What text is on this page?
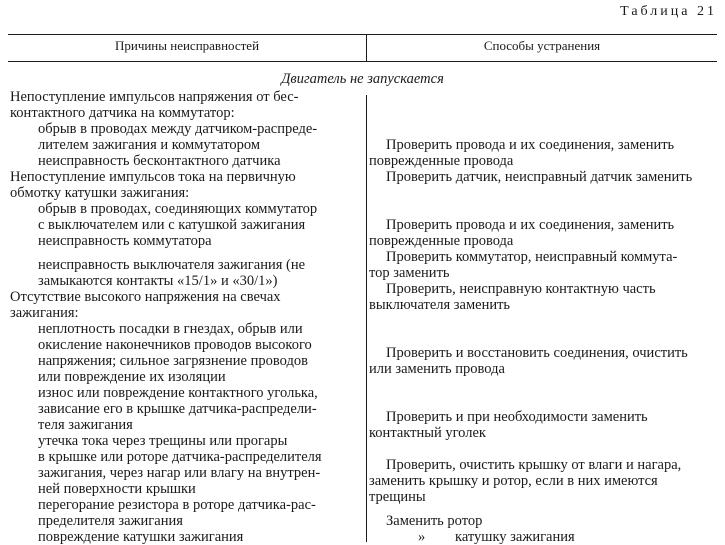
Таблица 21
Причины неисправностей	Способы устранения
Двигатель не запускается
Непоступление импульсов напряжения от бес-
контактного датчика на коммутатор:
обрыв в проводах между датчиком-распреде-
лителем зажигания и коммутатором
неисправность бесконтактного датчика
Непоступление импульсов тока на первичную
обмотку катушки зажигания:
обрыв в проводах, соединяющих коммутатор
с выключателем или с катушкой зажигания
неисправность коммутатора
неисправность выключателя зажигания (не
замыкаются контакты «15/1» и «30/1»)
Отсутствие высокого напряжения на свечах
зажигания:
неплотность посадки в гнездах, обрыв или
окисление наконечников проводов высокого
напряжения; сильное загрязнение проводов
или повреждение их изоляции
износ или повреждение контактного уголька,
зависание его в крышке датчика-распредели-
теля зажигания
утечка тока через трещины или прогары
в крышке или роторе датчика-распределителя
зажигания, через нагар или влагу на внутрен-
ней поверхности крышки
перегорание резистора в роторе датчика-рас-
пределителя зажигания
повреждение катушки зажигания
Проверить провода и их соединения, заменить
поврежденные провода
Проверить датчик, неисправный датчик заменить
Проверить провода и их соединения, заменить
поврежденные провода
Проверить коммутатор, неисправный коммута-
тор заменить
Проверить, неисправную контактную часть
выключателя заменить
Проверить и восстановить соединения, очистить
или заменить провода
Проверить и при необходимости заменить
контактный уголек
Проверить, очистить крышку от влаги и нагара,
заменить крышку и ротор, если в них имеются
трещины
Заменить ротор
» катушку зажигания
